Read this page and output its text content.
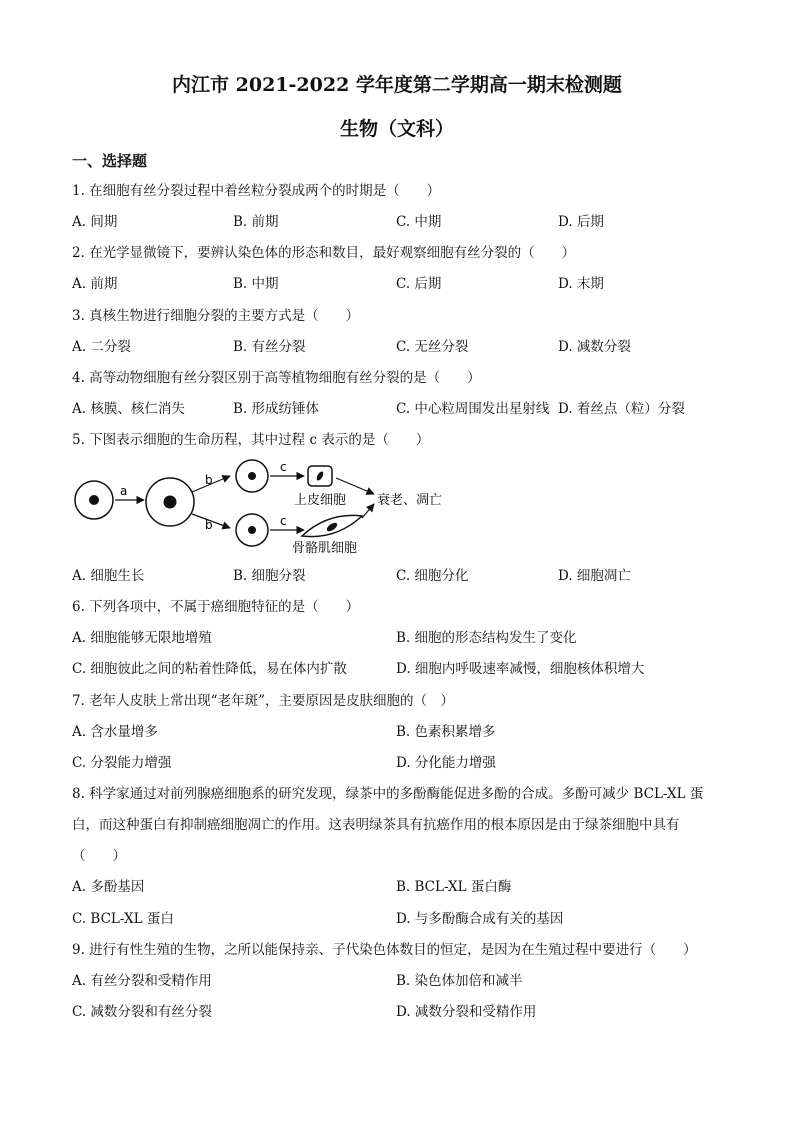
内江市 2021-2022 学年度第二学期高一期末检测题
生物（文科）
一、选择题
1. 在细胞有丝分裂过程中着丝粒分裂成两个的时期是（　　）
A. 间期	B. 前期	C. 中期	D. 后期
2. 在光学显微镜下，要辨认染色体的形态和数目，最好观察细胞有丝分裂的（　　）
A. 前期	B. 中期	C. 后期	D. 末期
3. 真核生物进行细胞分裂的主要方式是（　　）
A. 二分裂	B. 有丝分裂	C. 无丝分裂	D. 减数分裂
4. 高等动物细胞有丝分裂区别于高等植物细胞有丝分裂的是（　　）
A. 核膜、核仁消失	B. 形成纺锤体	C. 中心粒周围发出星射线 D. 着丝点（粒）分裂
5. 下图表示细胞的生命历程，其中过程 c 表示的是（　　）
a
b
b
c
c
上皮细胞
骨骼肌细胞
衰老、凋亡
A. 细胞生长	B. 细胞分裂	C. 细胞分化	D. 细胞凋亡
6. 下列各项中，不属于癌细胞特征的是（　　）
A. 细胞能够无限地增殖	B. 细胞的形态结构发生了变化
C. 细胞彼此之间的粘着性降低，易在体内扩散	D. 细胞内呼吸速率减慢，细胞核体积增大
7. 老年人皮肤上常出现“老年斑”，主要原因是皮肤细胞的（　）
A. 含水量增多	B. 色素积累增多
C. 分裂能力增强	D. 分化能力增强
8. 科学家通过对前列腺癌细胞系的研究发现，绿茶中的多酚酶能促进多酚的合成。多酚可减少 BCL-XL 蛋白，而这种蛋白有抑制癌细胞凋亡的作用。这表明绿茶具有抗癌作用的根本原因是由于绿茶细胞中具有（　　）
A. 多酚基因	B. BCL-XL 蛋白酶
C. BCL-XL 蛋白	D. 与多酚酶合成有关的基因
9. 进行有性生殖的生物，之所以能保持亲、子代染色体数目的恒定，是因为在生殖过程中要进行（　　）
A. 有丝分裂和受精作用	B. 染色体加倍和减半
C. 减数分裂和有丝分裂	D. 减数分裂和受精作用
